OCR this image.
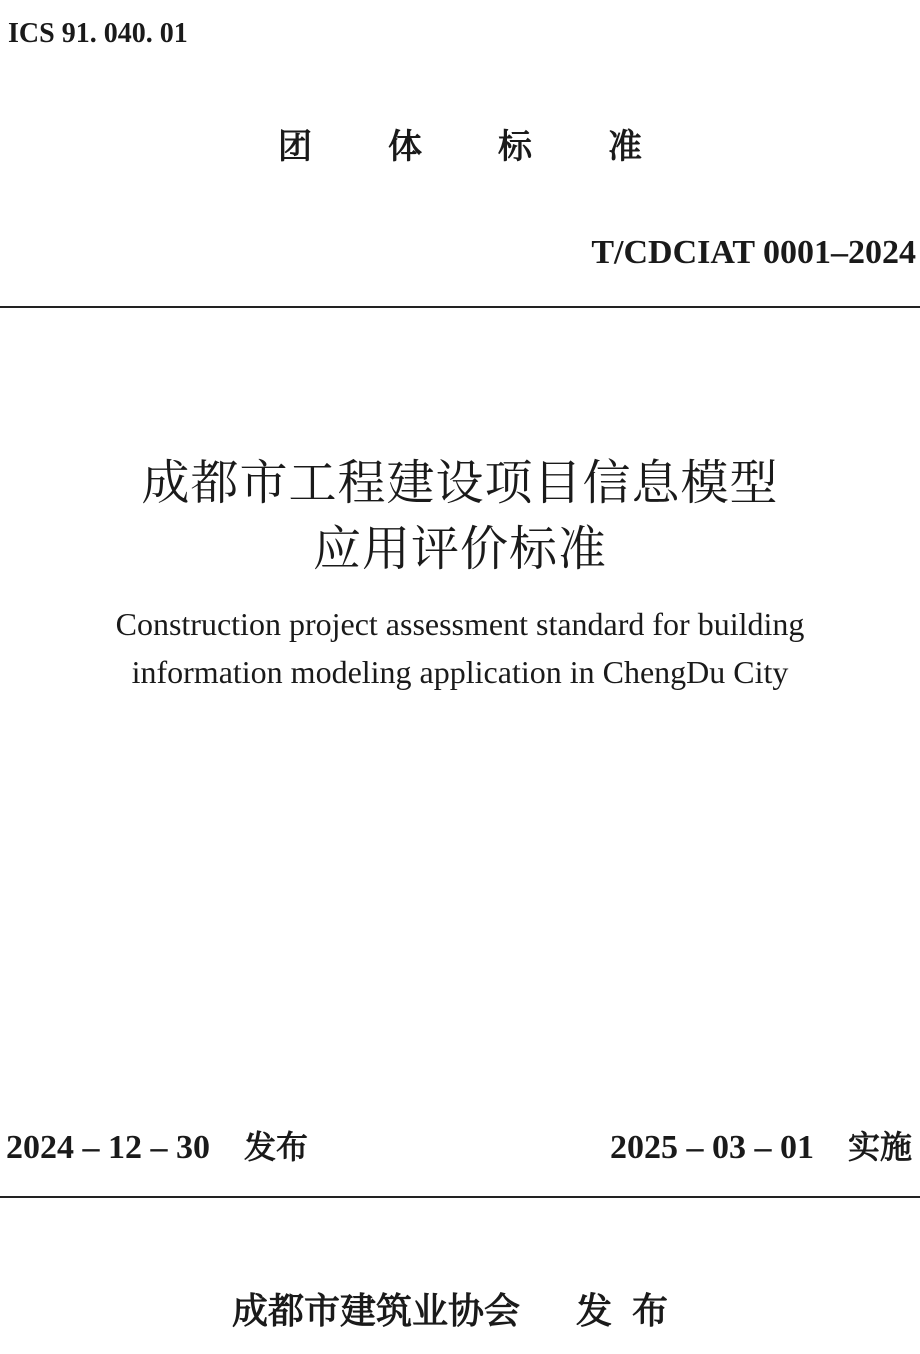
ICS 91. 040. 01
团 体 标 准
T/CDCIAT 0001–2024
成都市工程建设项目信息模型
应用评价标准
Construction project assessment standard for building
information modeling application in ChengDu City
2024 – 12 – 30 发布	2025 – 03 – 01 实施
成都市建筑业协会 发布
